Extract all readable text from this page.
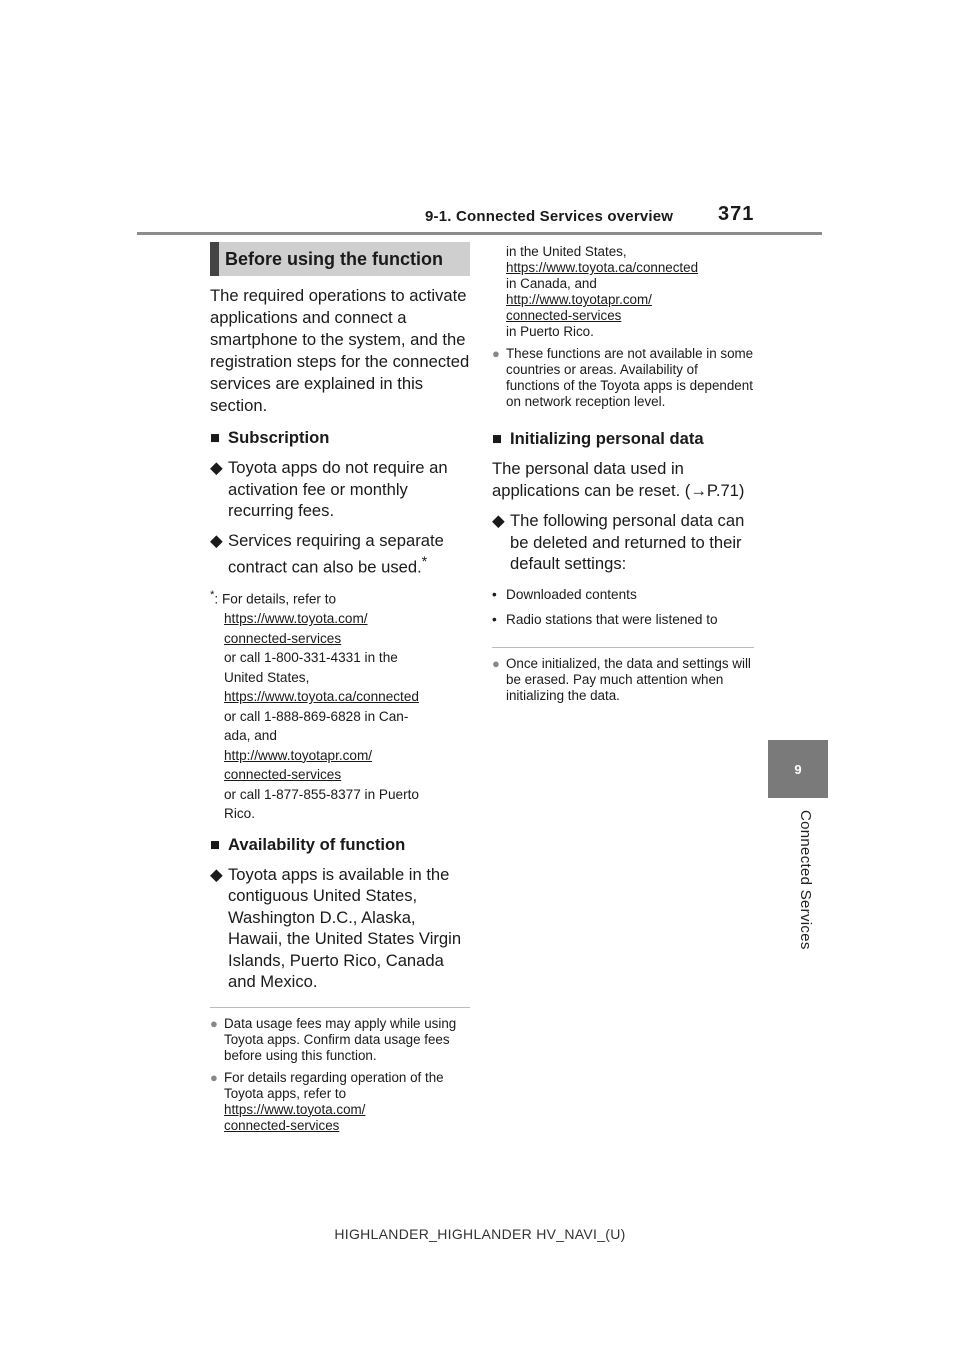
9-1. Connected Services overview 371
9
Connected Services
Before using the function

The required operations to activate applications and connect a smartphone to the system, and the registration steps for the connected services are explained in this section.

■ Subscription
◆ Toyota apps do not require an activation fee or monthly recurring fees.
◆ Services requiring a separate contract can also be used.*
*: For details, refer to
https://www.toyota.com/
connected-services
or call 1-800-331-4331 in the
United States,
https://www.toyota.ca/connected
or call 1-888-869-6828 in Can-
ada, and
http://www.toyotapr.com/
connected-services
or call 1-877-855-8377 in Puerto
Rico.
■ Availability of function
◆ Toyota apps is available in the contiguous United States, Washington D.C., Alaska, Hawaii, the United States Virgin Islands, Puerto Rico, Canada and Mexico.
● Data usage fees may apply while using Toyota apps. Confirm data usage fees before using this function.
● For details regarding operation of the Toyota apps, refer to
https://www.toyota.com/
connected-services
in the United States,
https://www.toyota.ca/connected
in Canada, and
http://www.toyotapr.com/
connected-services
in Puerto Rico.
● These functions are not available in some countries or areas. Availability of functions of the Toyota apps is dependent on network reception level.
■ Initializing personal data

The personal data used in applications can be reset. (→P.71)

◆ The following personal data can be deleted and returned to their default settings:
• Downloaded contents
• Radio stations that were listened to
● Once initialized, the data and settings will be erased. Pay much attention when initializing the data.
HIGHLANDER_HIGHLANDER HV_NAVI_(U)
